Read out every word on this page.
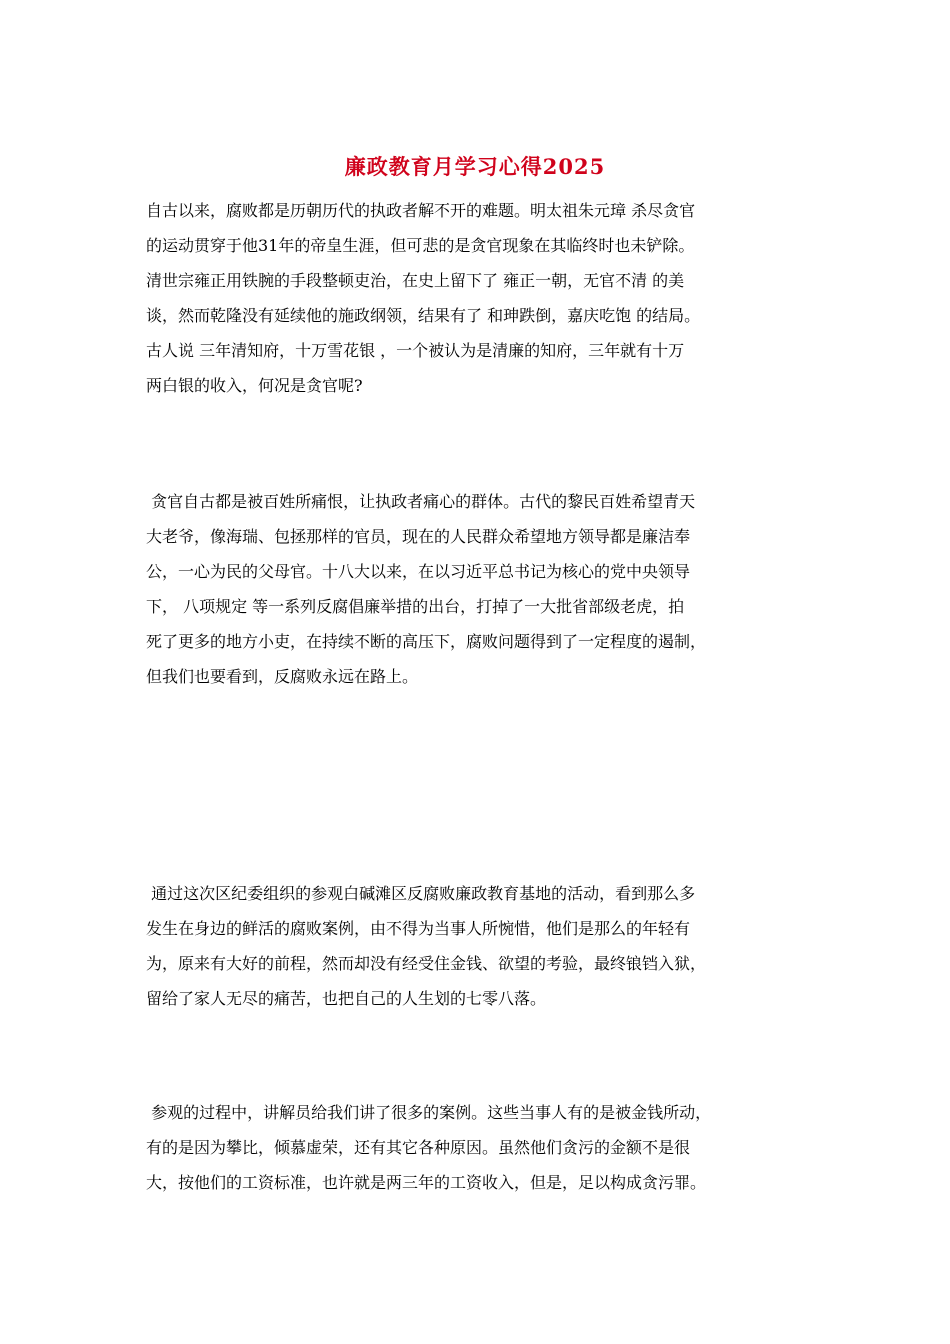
廉政教育月学习心得2025
自古以来，腐败都是历朝历代的执政者解不开的难题。明太祖朱元璋 杀尽贪官
的运动贯穿于他31年的帝皇生涯，但可悲的是贪官现象在其临终时也未铲除。
清世宗雍正用铁腕的手段整顿吏治，在史上留下了 雍正一朝，无官不清 的美
谈，然而乾隆没有延续他的施政纲领，结果有了 和珅跌倒，嘉庆吃饱 的结局。
古人说 三年清知府，十万雪花银 ，一个被认为是清廉的知府，三年就有十万
两白银的收入，何况是贪官呢?
贪官自古都是被百姓所痛恨，让执政者痛心的群体。古代的黎民百姓希望青天
大老爷，像海瑞、包拯那样的官员，现在的人民群众希望地方领导都是廉洁奉
公，一心为民的父母官。十八大以来，在以习近平总书记为核心的党中央领导
下， 八项规定 等一系列反腐倡廉举措的出台，打掉了一大批省部级老虎，拍
死了更多的地方小吏，在持续不断的高压下，腐败问题得到了一定程度的遏制，
但我们也要看到，反腐败永远在路上。
通过这次区纪委组织的参观白碱滩区反腐败廉政教育基地的活动，看到那么多
发生在身边的鲜活的腐败案例，由不得为当事人所惋惜，他们是那么的年轻有
为，原来有大好的前程，然而却没有经受住金钱、欲望的考验，最终锒铛入狱，
留给了家人无尽的痛苦，也把自己的人生划的七零八落。
参观的过程中，讲解员给我们讲了很多的案例。这些当事人有的是被金钱所动，
有的是因为攀比，倾慕虚荣，还有其它各种原因。虽然他们贪污的金额不是很
大，按他们的工资标准，也许就是两三年的工资收入，但是，足以构成贪污罪。
